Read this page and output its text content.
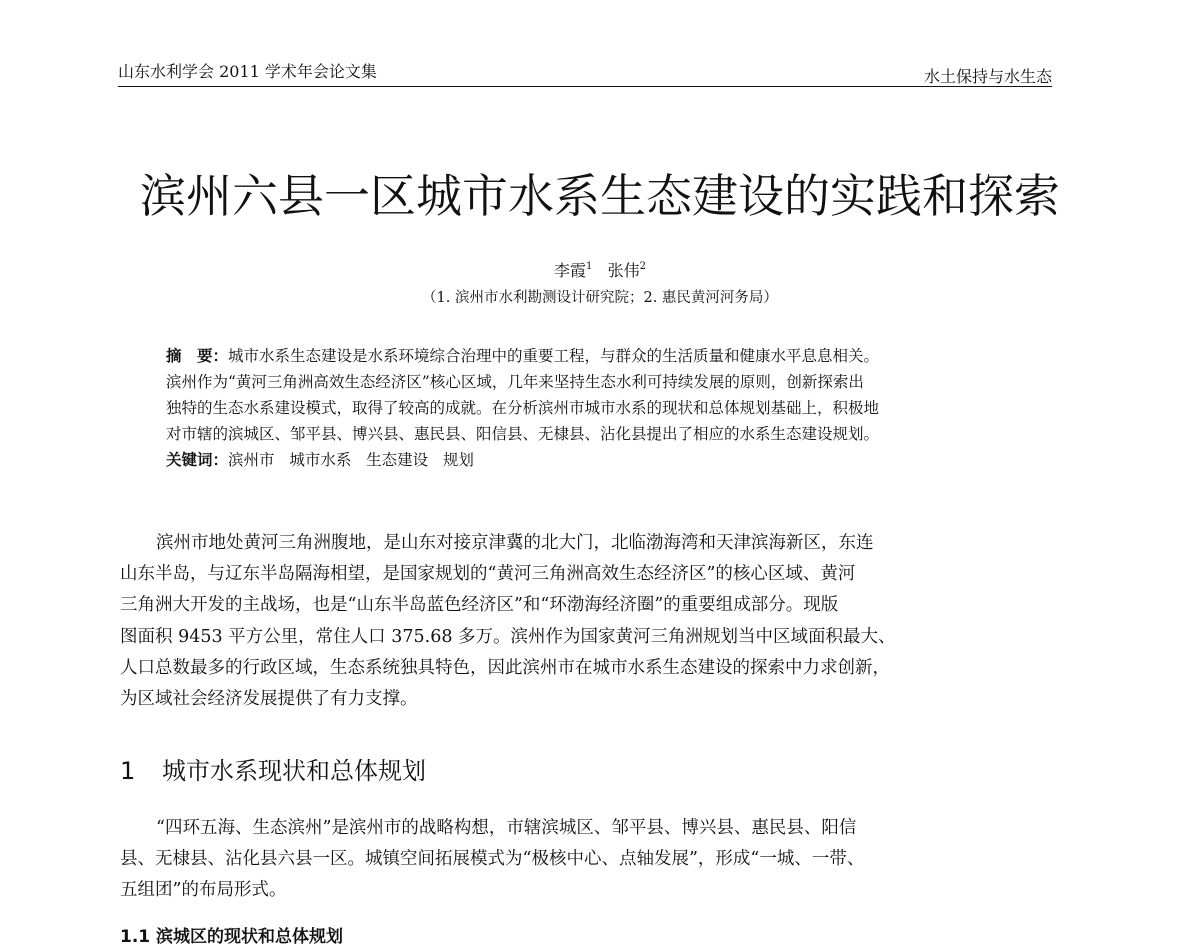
山东水利学会 2011 学术年会论文集	水土保持与水生态
滨州六县一区城市水系生态建设的实践和探索
李霞$^1$ 张伟$^2$
（1. 滨州市水利勘测设计研究院；2. 惠民黄河河务局）
摘　要：城市水系生态建设是水系环境综合治理中的重要工程，与群众的生活质量和健康水平息息相关。
滨州作为“黄河三角洲高效生态经济区”核心区域，几年来坚持生态水利可持续发展的原则，创新探索出
独特的生态水系建设模式，取得了较高的成就。在分析滨州市城市水系的现状和总体规划基础上，积极地
对市辖的滨城区、邹平县、博兴县、惠民县、阳信县、无棣县、沾化县提出了相应的水系生态建设规划。
关键词：滨州市 城市水系 生态建设 规划
滨州市地处黄河三角洲腹地，是山东对接京津冀的北大门，北临渤海湾和天津滨海新区，东连
山东半岛，与辽东半岛隔海相望，是国家规划的“黄河三角洲高效生态经济区”的核心区域、黄河
三角洲大开发的主战场，也是“山东半岛蓝色经济区”和“环渤海经济圈”的重要组成部分。现版
图面积 9453 平方公里，常住人口 375.68 多万。滨州作为国家黄河三角洲规划当中区域面积最大、
人口总数最多的行政区域，生态系统独具特色，因此滨州市在城市水系生态建设的探索中力求创新，
为区域社会经济发展提供了有力支撑。
1 城市水系现状和总体规划
“四环五海、生态滨州”是滨州市的战略构想，市辖滨城区、邹平县、博兴县、惠民县、阳信
县、无棣县、沾化县六县一区。城镇空间拓展模式为“极核中心、点轴发展”，形成“一城、一带、
五组团”的布局形式。
1.1 滨城区的现状和总体规划
